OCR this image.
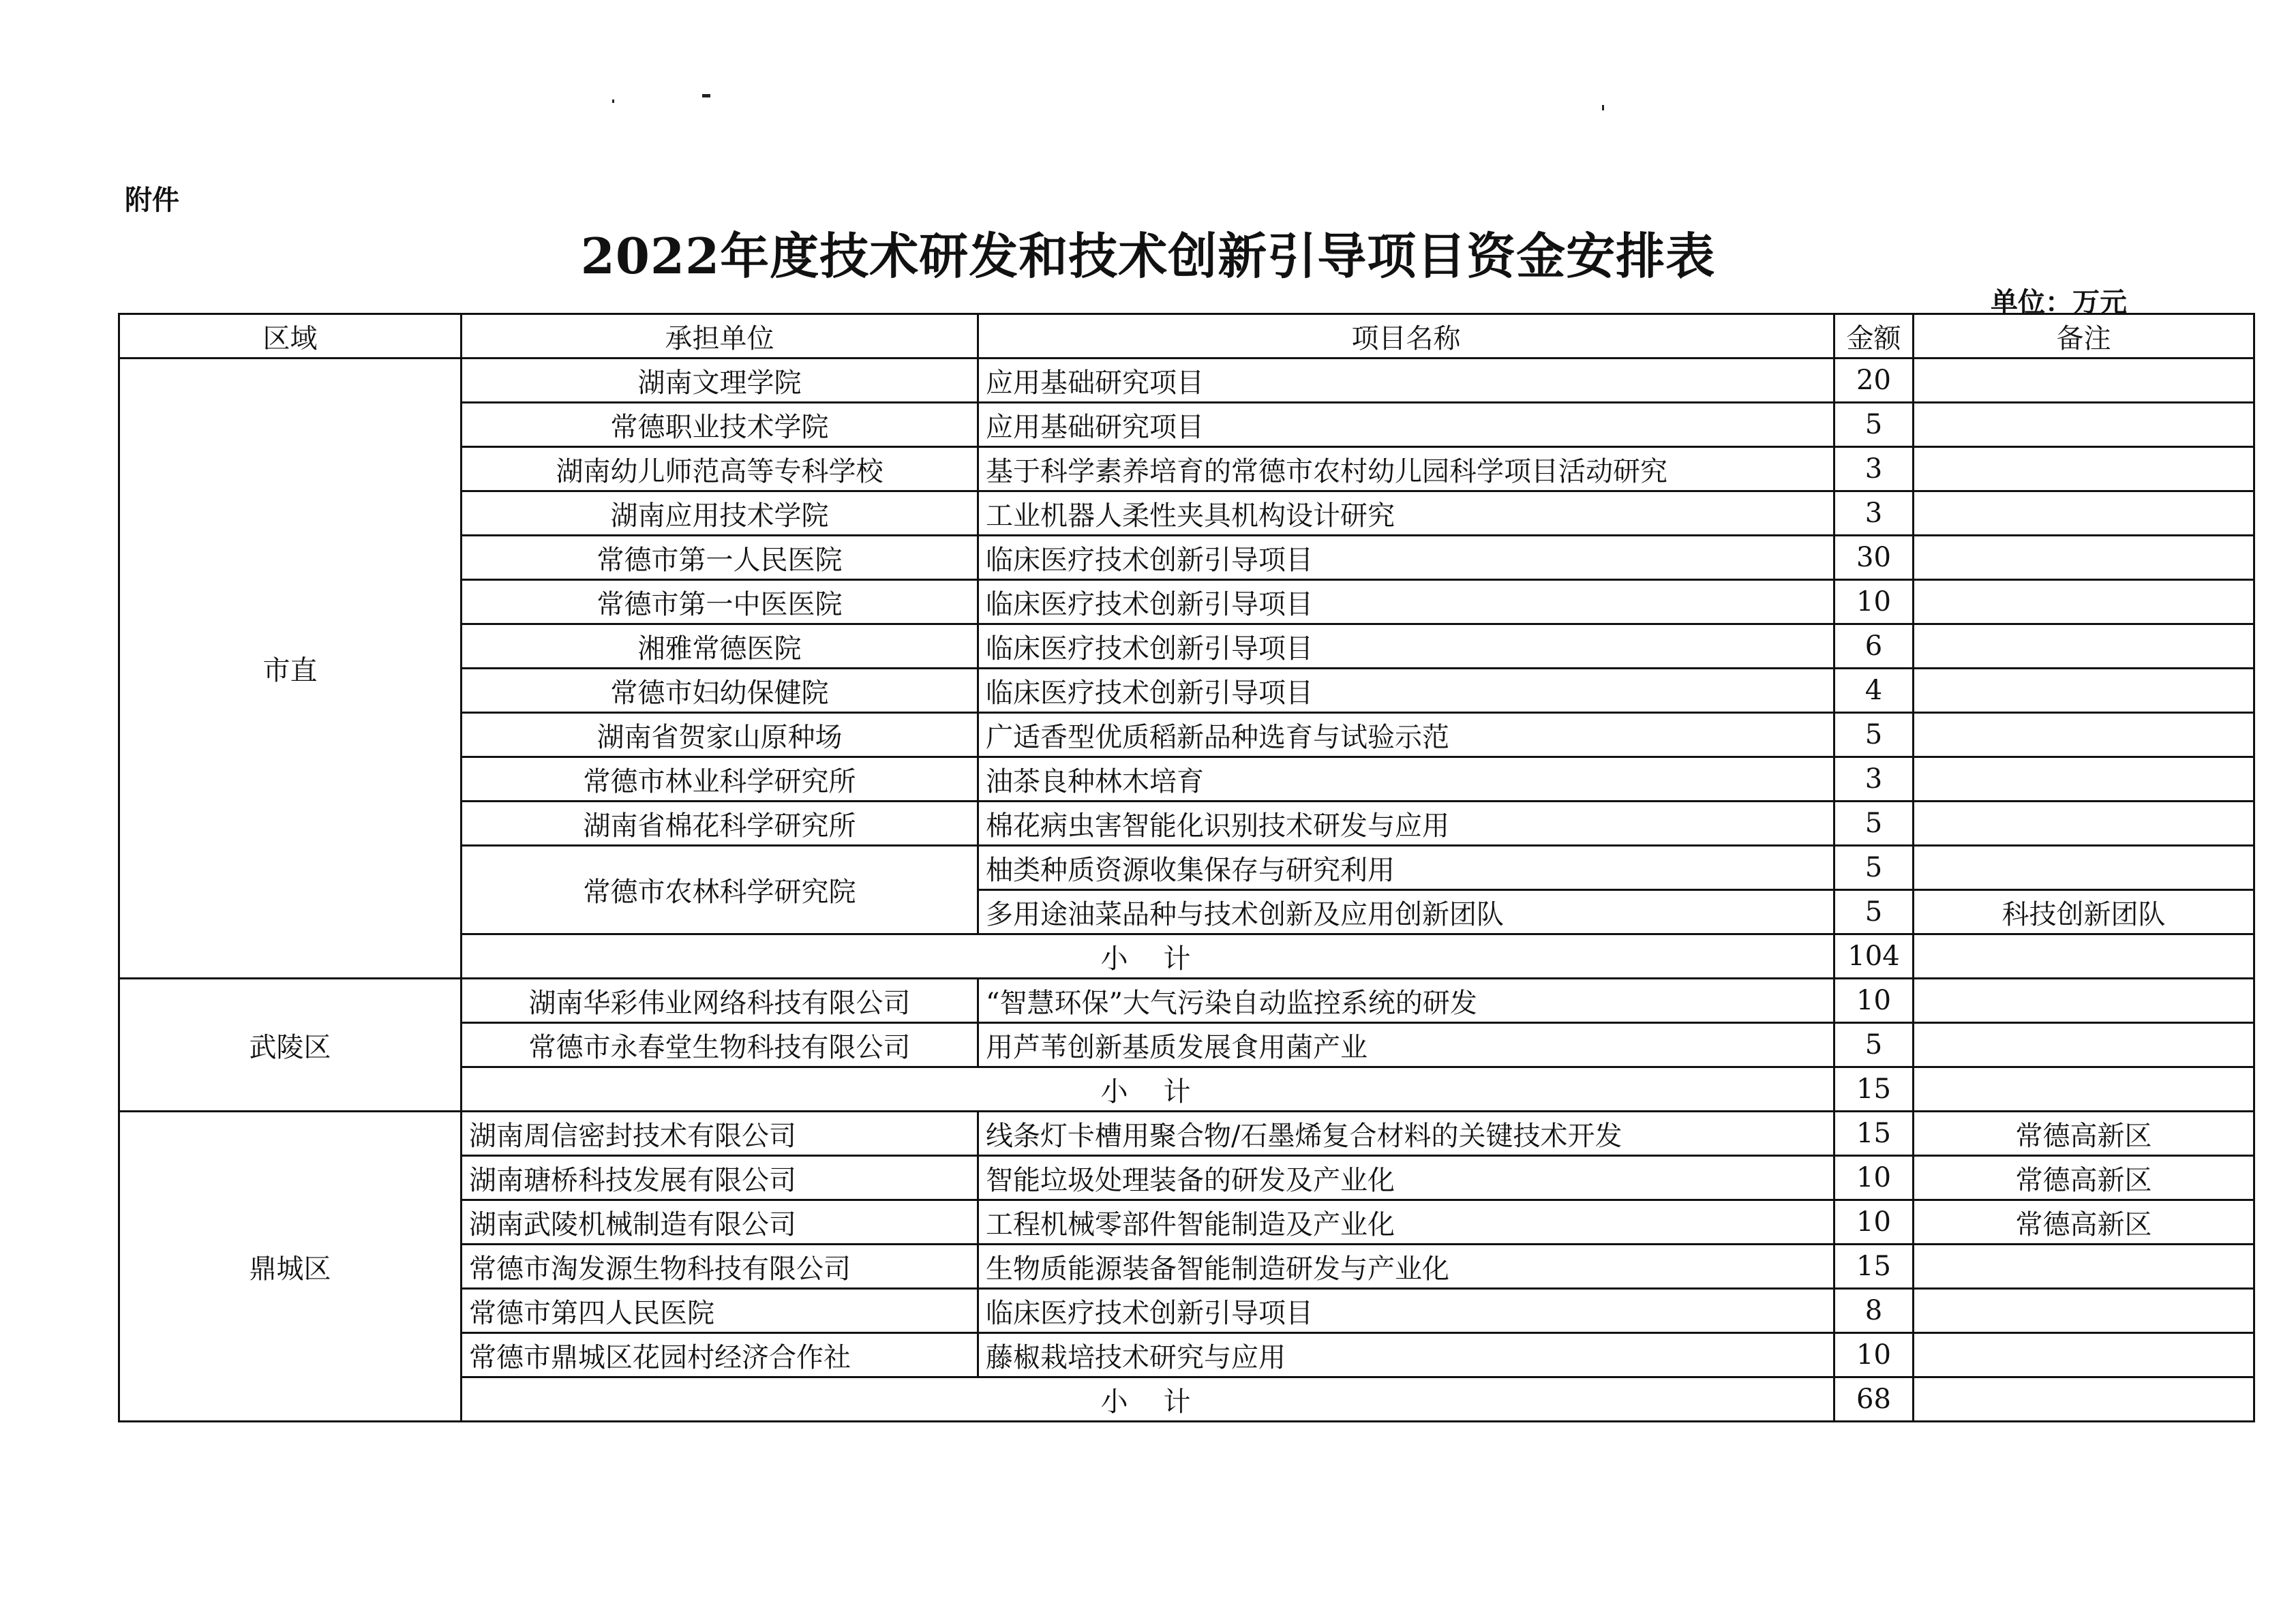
附件
2022年度技术研发和技术创新引导项目资金安排表
单位：万元
区域	承担单位	项目名称	金额	备注
市直	湖南文理学院	应用基础研究项目	20	
	常德职业技术学院	应用基础研究项目	5	
	湖南幼儿师范高等专科学校	基于科学素养培育的常德市农村幼儿园科学项目活动研究	3	
	湖南应用技术学院	工业机器人柔性夹具机构设计研究	3	
	常德市第一人民医院	临床医疗技术创新引导项目	30	
	常德市第一中医医院	临床医疗技术创新引导项目	10	
	湘雅常德医院	临床医疗技术创新引导项目	6	
	常德市妇幼保健院	临床医疗技术创新引导项目	4	
	湖南省贺家山原种场	广适香型优质稻新品种选育与试验示范	5	
	常德市林业科学研究所	油茶良种林木培育	3	
	湖南省棉花科学研究所	棉花病虫害智能化识别技术研发与应用	5	
	常德市农林科学研究院	柚类种质资源收集保存与研究利用	5	
		多用途油菜品种与技术创新及应用创新团队	5	科技创新团队
	小　计		104	
武陵区	湖南华彩伟业网络科技有限公司	“智慧环保”大气污染自动监控系统的研发	10	
	常德市永春堂生物科技有限公司	用芦苇创新基质发展食用菌产业	5	
	小　计		15	
鼎城区	湖南周信密封技术有限公司	线条灯卡槽用聚合物/石墨烯复合材料的关键技术开发	15	常德高新区
	湖南瑭桥科技发展有限公司	智能垃圾处理装备的研发及产业化	10	常德高新区
	湖南武陵机械制造有限公司	工程机械零部件智能制造及产业化	10	常德高新区
	常德市淘发源生物科技有限公司	生物质能源装备智能制造研发与产业化	15	
	常德市第四人民医院	临床医疗技术创新引导项目	8	
	常德市鼎城区花园村经济合作社	藤椒栽培技术研究与应用	10	
	小　计		68	
